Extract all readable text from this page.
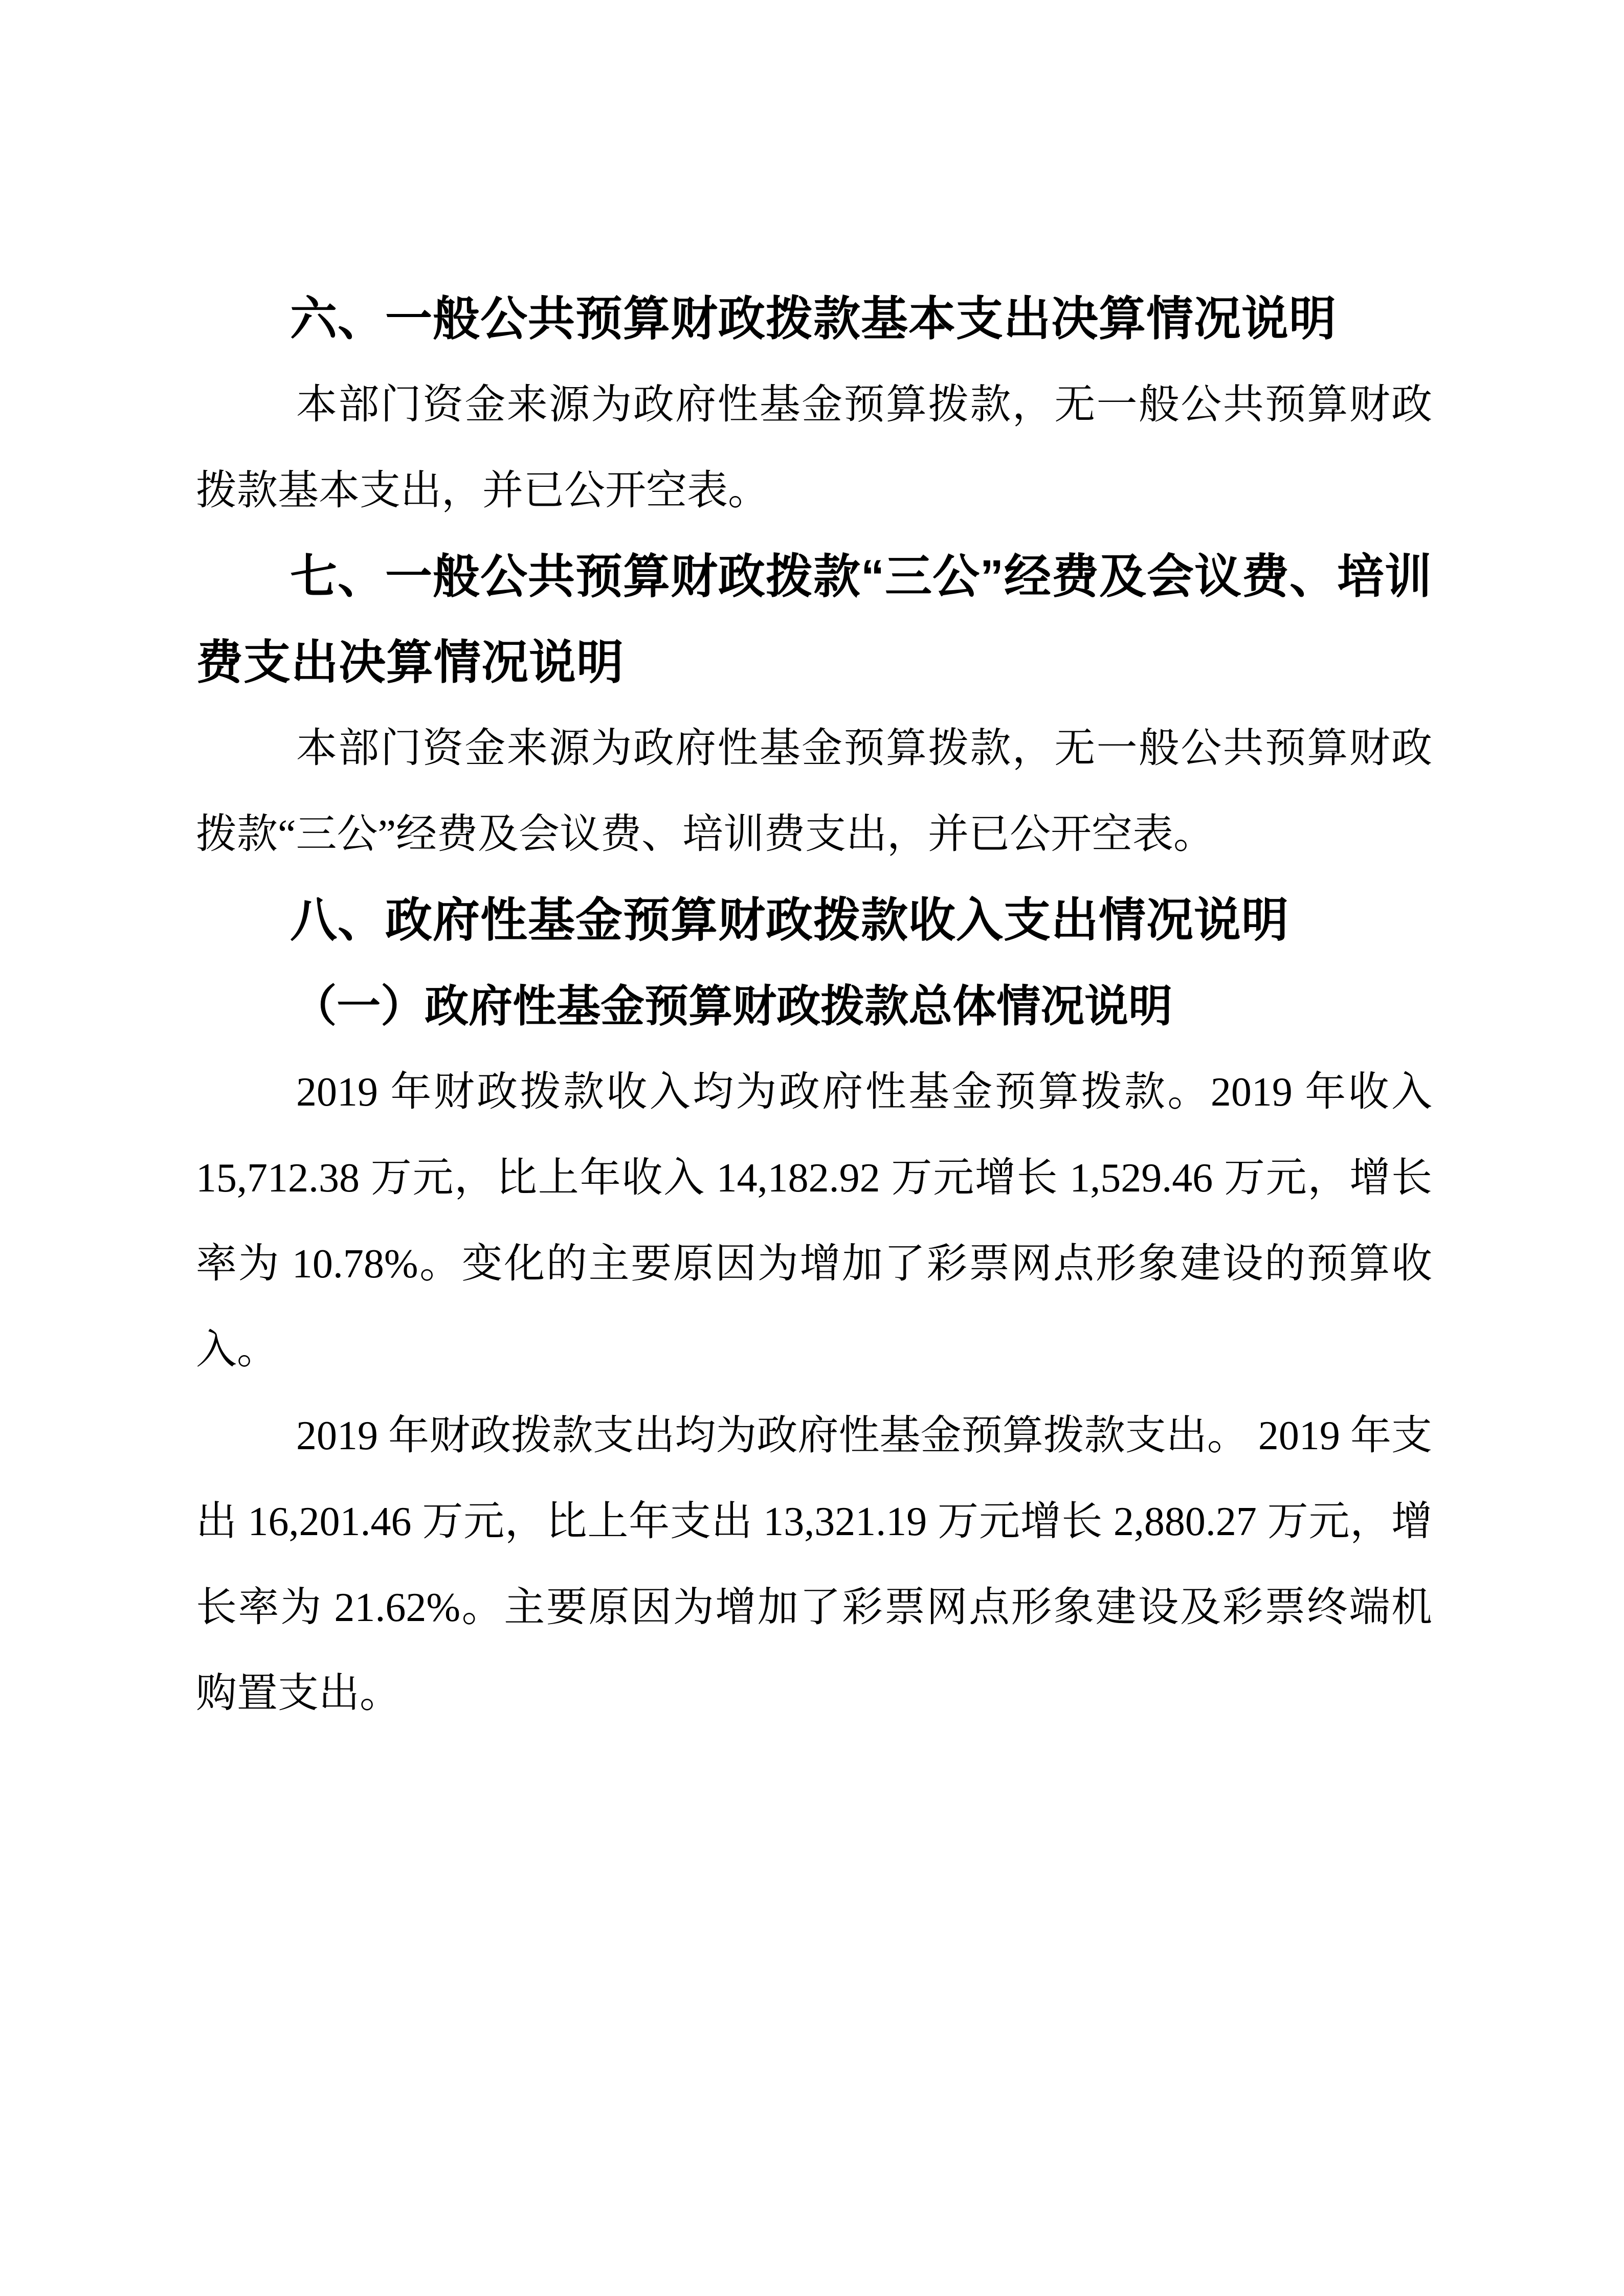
六、一般公共预算财政拨款基本支出决算情况说明

本部门资金来源为政府性基金预算拨款，无一般公共预算财政拨款基本支出，并已公开空表。

七、一般公共预算财政拨款“三公”经费及会议费、培训费支出决算情况说明

本部门资金来源为政府性基金预算拨款，无一般公共预算财政拨款“三公”经费及会议费、培训费支出，并已公开空表。

八、政府性基金预算财政拨款收入支出情况说明
（一）政府性基金预算财政拨款总体情况说明

2019 年财政拨款收入均为政府性基金预算拨款。2019 年收入 15,712.38 万元，比上年收入 14,182.92 万元增长 1,529.46 万元，增长率为 10.78%。变化的主要原因为增加了彩票网点形象建设的预算收入。

2019 年财政拨款支出均为政府性基金预算拨款支出。 2019 年支出 16,201.46 万元，比上年支出 13,321.19 万元增长 2,880.27 万元，增长率为 21.62%。主要原因为增加了彩票网点形象建设及彩票终端机购置支出。
